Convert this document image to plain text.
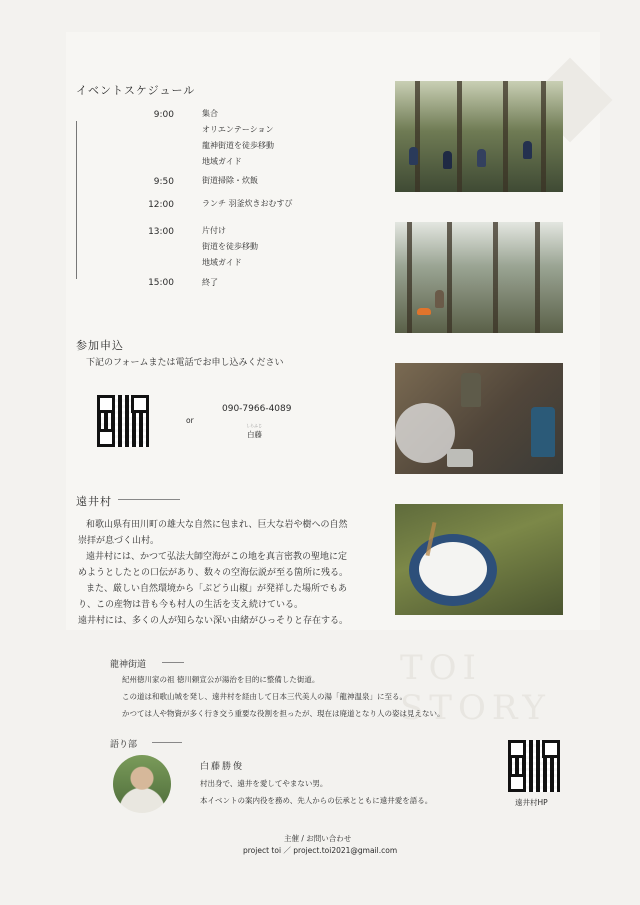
TOI STORY
イベントスケジュール
9:00	集合
オリエンテーション
龍神街道を徒歩移動
地域ガイド
9:50	街道掃除・炊飯
12:00	ランチ 羽釜炊きおむすび
13:00	片付け
街道を徒歩移動
地域ガイド
15:00	終了
参加申込
下記のフォームまたは電話でお申し込みください
or
090-7966-4089
しらふじ
白藤
遠井村
和歌山県有田川町の雄大な自然に包まれ、巨大な岩や樹への自然
崇拝が息づく山村。
遠井村には、かつて弘法大師空海がこの地を真言密教の聖地に定
めようとしたとの口伝があり、数々の空海伝説が至る箇所に残る。
また、厳しい自然環境から「ぶどう山椒」が発祥した場所でもあ
り、この産物は昔も今も村人の生活を支え続けている。
遠井村には、多くの人が知らない深い由緒がひっそりと存在する。
龍神街道
紀州徳川家の祖 徳川頼宣公が湯治を目的に整備した街道。
この道は和歌山城を発し、遠井村を経由して日本三代美人の湯「龍神温泉」に至る。
かつては人や物資が多く行き交う重要な役割を担ったが、現在は廃道となり人の姿は見えない。
語り部
白藤勝俊
村出身で、遠井を愛してやまない男。
本イベントの案内役を務め、先人からの伝承とともに遠井愛を語る。	遠井村HP
主催 / お問い合わせ
project toi ／ project.toi2021@gmail.com
